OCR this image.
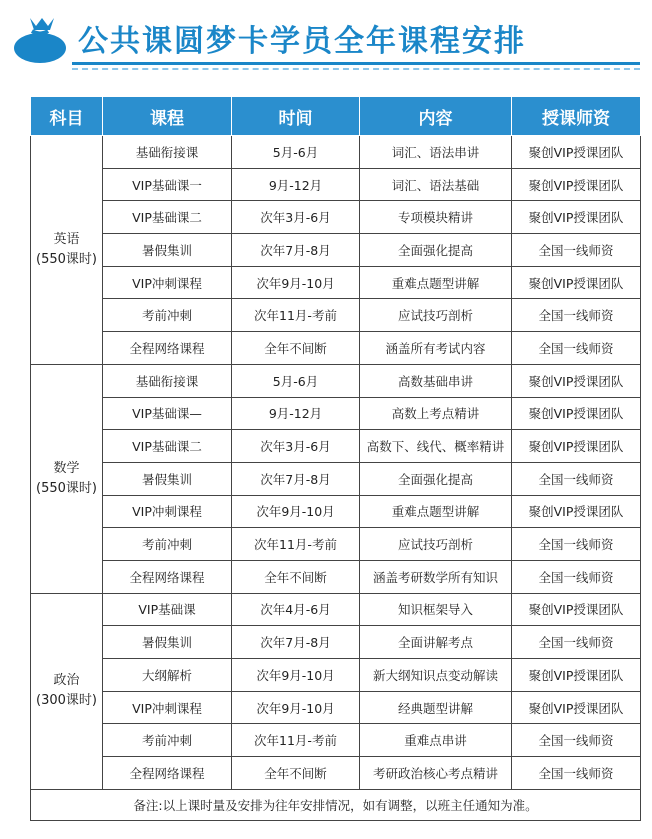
公共课圆梦卡学员全年课程安排
科目	课程	时间	内容	授课师资

英语
(550课时)	基础衔接课	5月-6月	词汇、语法串讲	聚创VIP授课团队
	VIP基础课一	9月-12月	词汇、语法基础	聚创VIP授课团队
	VIP基础课二	次年3月-6月	专项模块精讲	聚创VIP授课团队
	暑假集训	次年7月-8月	全面强化提高	全国一线师资
	VIP冲刺课程	次年9月-10月	重难点题型讲解	聚创VIP授课团队
	考前冲刺	次年11月-考前	应试技巧剖析	全国一线师资
	全程网络课程	全年不间断	涵盖所有考试内容	全国一线师资

数学
(550课时)	基础衔接课	5月-6月	高数基础串讲	聚创VIP授课团队
	VIP基础课—	9月-12月	高数上考点精讲	聚创VIP授课团队
	VIP基础课二	次年3月-6月	高数下、线代、概率精讲	聚创VIP授课团队
	暑假集训	次年7月-8月	全面强化提高	全国一线师资
	VIP冲刺课程	次年9月-10月	重难点题型讲解	聚创VIP授课团队
	考前冲刺	次年11月-考前	应试技巧剖析	全国一线师资
	全程网络课程	全年不间断	涵盖考研数学所有知识	全国一线师资

政治
(300课时)	VIP基础课	次年4月-6月	知识框架导入	聚创VIP授课团队
	暑假集训	次年7月-8月	全面讲解考点	全国一线师资
	大纲解析	次年9月-10月	新大纲知识点变动解读	聚创VIP授课团队
	VIP冲刺课程	次年9月-10月	经典题型讲解	聚创VIP授课团队
	考前冲刺	次年11月-考前	重难点串讲	全国一线师资
	全程网络课程	全年不间断	考研政治核心考点精讲	全国一线师资
备注:以上课时量及安排为往年安排情况，如有调整，以班主任通知为准。				
